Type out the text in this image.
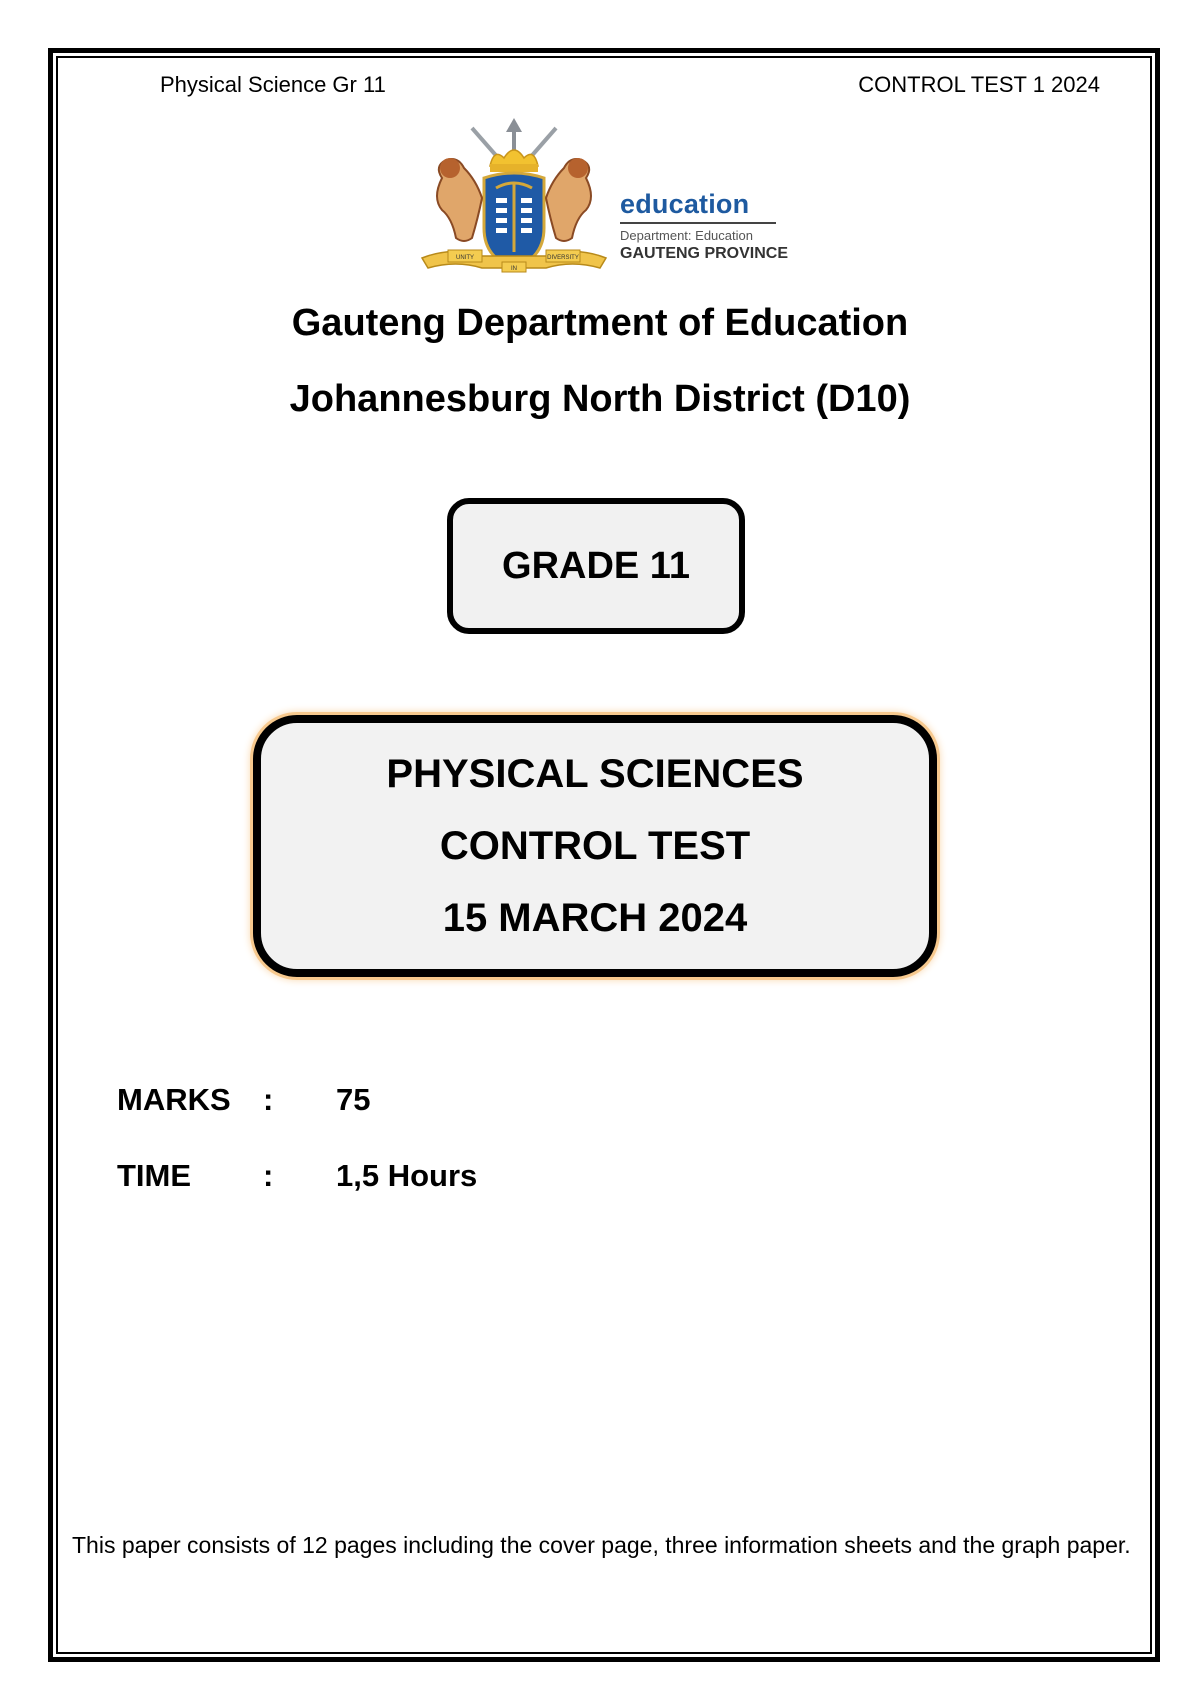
Physical Science Gr 11	CONTROL TEST 1 2024
UNITY	DIVERSITY
IN
education
Department: Education
GAUTENG PROVINCE
Gauteng Department of Education
Johannesburg North District (D10)
GRADE 11
PHYSICAL SCIENCES
CONTROL TEST
15 MARCH 2024
MARKS : 75
TIME : 1,5 Hours
This paper consists of 12 pages including the cover page, three information sheets and the graph paper.
